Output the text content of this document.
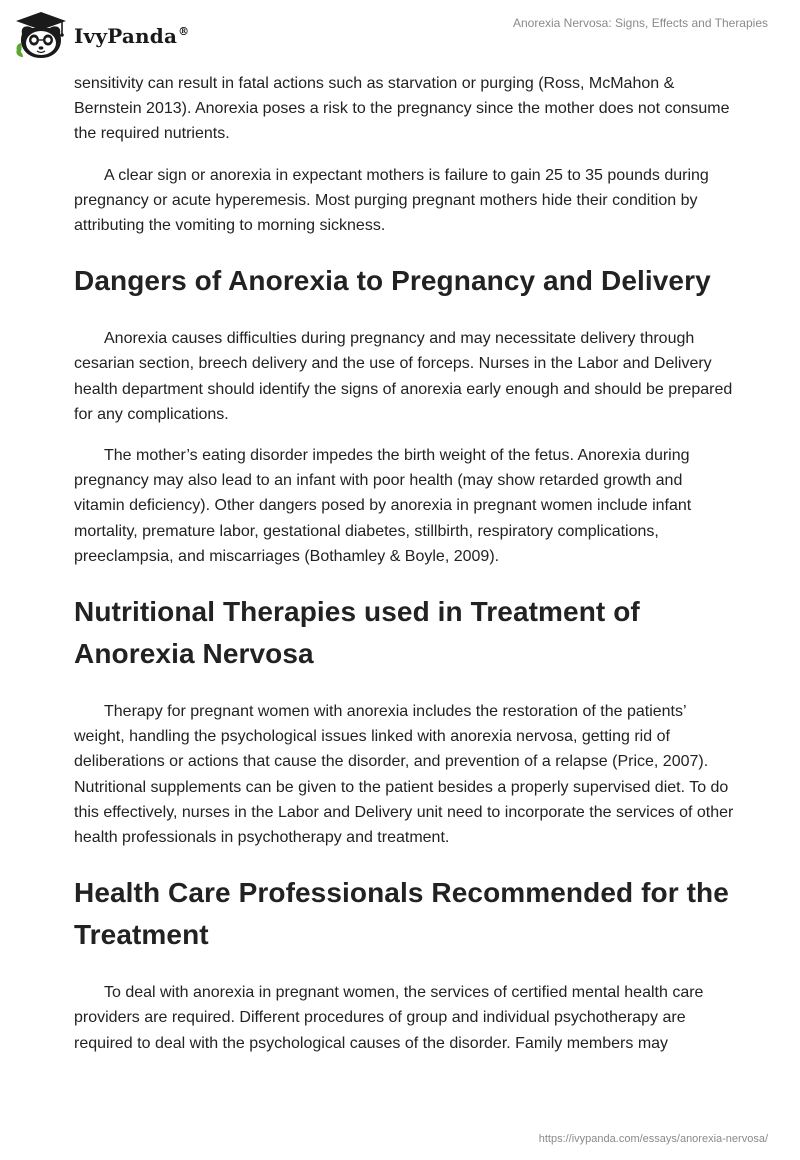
IvyPanda®
Anorexia Nervosa: Signs, Effects and Therapies

sensitivity can result in fatal actions such as starvation or purging (Ross, McMahon & Bernstein 2013). Anorexia poses a risk to the pregnancy since the mother does not consume the required nutrients.

A clear sign or anorexia in expectant mothers is failure to gain 25 to 35 pounds during pregnancy or acute hyperemesis. Most purging pregnant mothers hide their condition by attributing the vomiting to morning sickness.

Dangers of Anorexia to Pregnancy and Delivery

Anorexia causes difficulties during pregnancy and may necessitate delivery through cesarian section, breech delivery and the use of forceps. Nurses in the Labor and Delivery health department should identify the signs of anorexia early enough and should be prepared for any complications.

The mother’s eating disorder impedes the birth weight of the fetus. Anorexia during pregnancy may also lead to an infant with poor health (may show retarded growth and vitamin deficiency). Other dangers posed by anorexia in pregnant women include infant mortality, premature labor, gestational diabetes, stillbirth, respiratory complications, preeclampsia, and miscarriages (Bothamley & Boyle, 2009).

Nutritional Therapies used in Treatment of Anorexia Nervosa

Therapy for pregnant women with anorexia includes the restoration of the patients’ weight, handling the psychological issues linked with anorexia nervosa, getting rid of deliberations or actions that cause the disorder, and prevention of a relapse (Price, 2007). Nutritional supplements can be given to the patient besides a properly supervised diet. To do this effectively, nurses in the Labor and Delivery unit need to incorporate the services of other health professionals in psychotherapy and treatment.

Health Care Professionals Recommended for the Treatment

To deal with anorexia in pregnant women, the services of certified mental health care providers are required. Different procedures of group and individual psychotherapy are required to deal with the psychological causes of the disorder. Family members may

https://ivypanda.com/essays/anorexia-nervosa/
